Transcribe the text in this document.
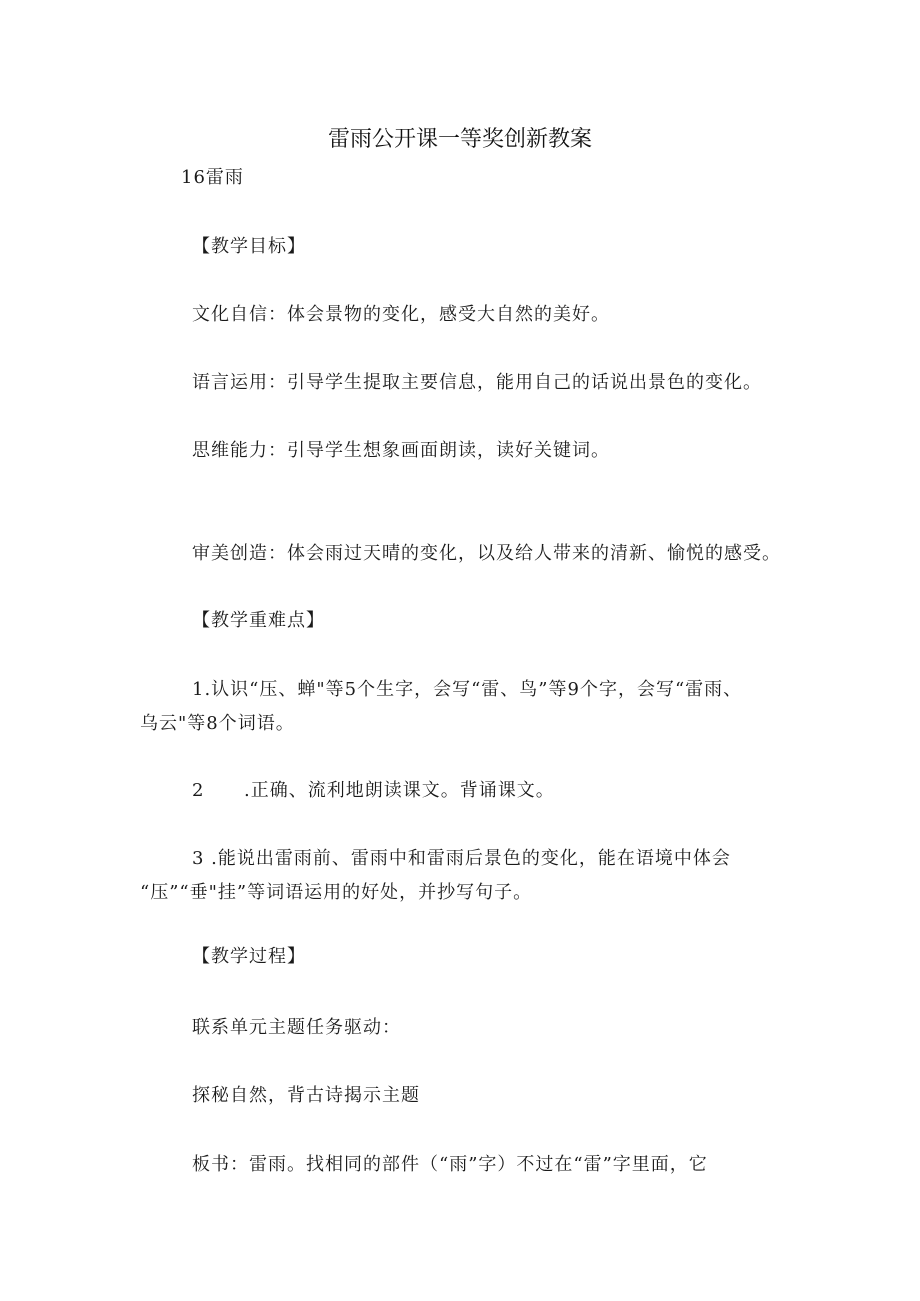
雷雨公开课一等奖创新教案
16雷雨
【教学目标】
文化自信：体会景物的变化，感受大自然的美好。
语言运用：引导学生提取主要信息，能用自己的话说出景色的变化。
思维能力：引导学生想象画面朗读，读好关键词。
审美创造：体会雨过天晴的变化，以及给人带来的清新、愉悦的感受。
【教学重难点】
1.认识“压、蝉"等5个生字，会写“雷、鸟”等9个字，会写“雷雨、
乌云"等8个词语。
2 .正确、流利地朗读课文。背诵课文。
3 .能说出雷雨前、雷雨中和雷雨后景色的变化，能在语境中体会
“压”“垂"挂”等词语运用的好处，并抄写句子。
【教学过程】
联系单元主题任务驱动：
探秘自然，背古诗揭示主题
板书：雷雨。找相同的部件（“雨”字）不过在“雷”字里面，它
